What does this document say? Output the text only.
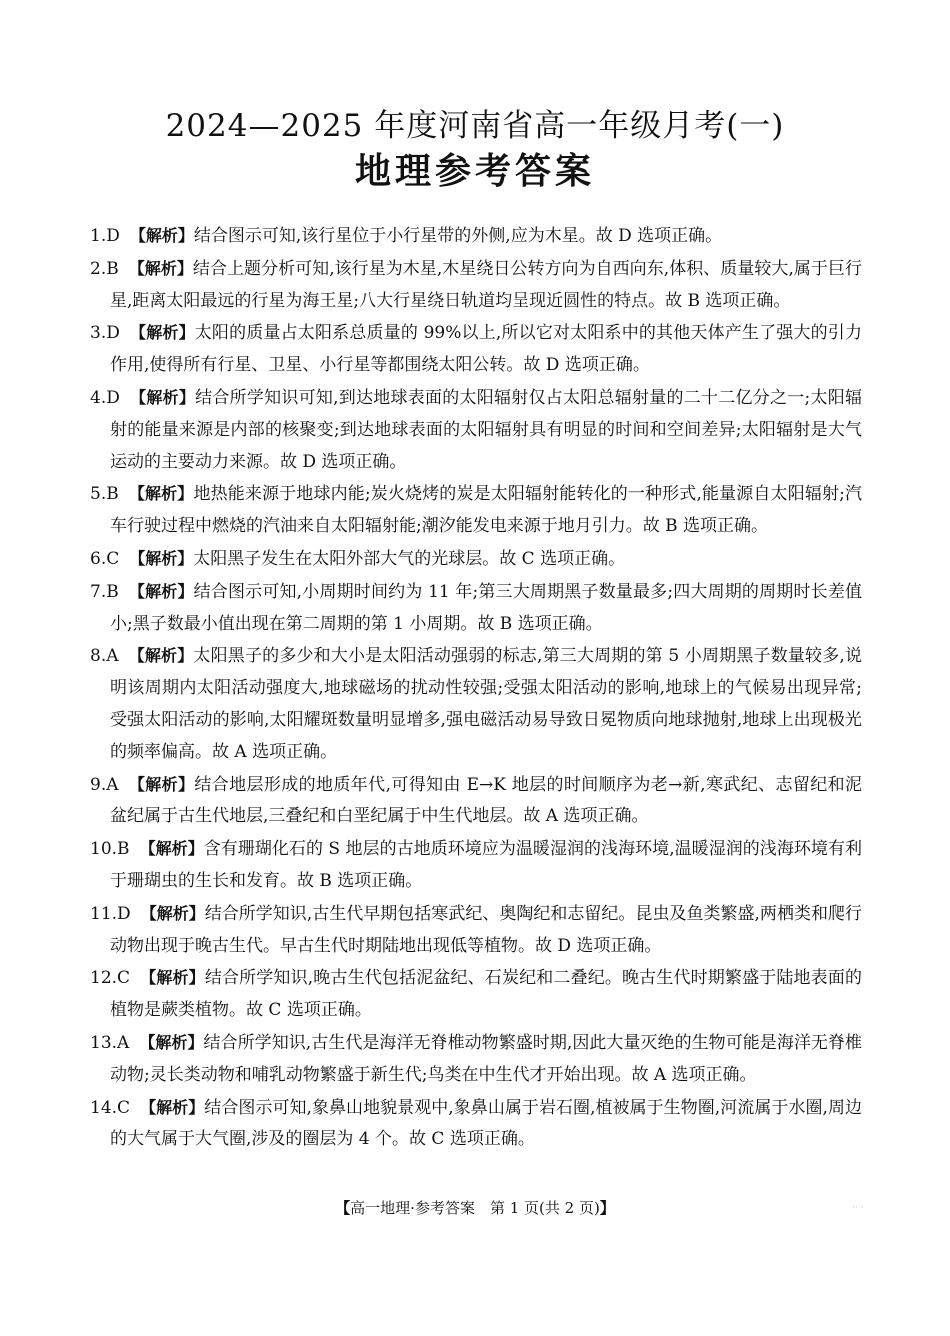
2024—2025 年度河南省高一年级月考(一)
地理参考答案

1.D 【解析】结合图示可知,该行星位于小行星带的外侧,应为木星。故 D 选项正确。

2.B 【解析】结合上题分析可知,该行星为木星,木星绕日公转方向为自西向东,体积、质量较大,属于巨行星,距离太阳最远的行星为海王星;八大行星绕日轨道均呈现近圆性的特点。故 B 选项正确。

3.D 【解析】太阳的质量占太阳系总质量的 99%以上,所以它对太阳系中的其他天体产生了强大的引力作用,使得所有行星、卫星、小行星等都围绕太阳公转。故 D 选项正确。

4.D 【解析】结合所学知识可知,到达地球表面的太阳辐射仅占太阳总辐射量的二十二亿分之一;太阳辐射的能量来源是内部的核聚变;到达地球表面的太阳辐射具有明显的时间和空间差异;太阳辐射是大气运动的主要动力来源。故 D 选项正确。

5.B 【解析】地热能来源于地球内能;炭火烧烤的炭是太阳辐射能转化的一种形式,能量源自太阳辐射;汽车行驶过程中燃烧的汽油来自太阳辐射能;潮汐能发电来源于地月引力。故 B 选项正确。

6.C 【解析】太阳黑子发生在太阳外部大气的光球层。故 C 选项正确。

7.B 【解析】结合图示可知,小周期时间约为 11 年;第三大周期黑子数量最多;四大周期的周期时长差值小;黑子数最小值出现在第二周期的第 1 小周期。故 B 选项正确。

8.A 【解析】太阳黑子的多少和大小是太阳活动强弱的标志,第三大周期的第 5 小周期黑子数量较多,说明该周期内太阳活动强度大,地球磁场的扰动性较强;受强太阳活动的影响,地球上的气候易出现异常;受强太阳活动的影响,太阳耀斑数量明显增多,强电磁活动易导致日冕物质向地球抛射,地球上出现极光的频率偏高。故 A 选项正确。

9.A 【解析】结合地层形成的地质年代,可得知由 E→K 地层的时间顺序为老→新,寒武纪、志留纪和泥盆纪属于古生代地层,三叠纪和白垩纪属于中生代地层。故 A 选项正确。

10.B 【解析】含有珊瑚化石的 S 地层的古地质环境应为温暖湿润的浅海环境,温暖湿润的浅海环境有利于珊瑚虫的生长和发育。故 B 选项正确。

11.D 【解析】结合所学知识,古生代早期包括寒武纪、奥陶纪和志留纪。昆虫及鱼类繁盛,两栖类和爬行动物出现于晚古生代。早古生代时期陆地出现低等植物。故 D 选项正确。

12.C 【解析】结合所学知识,晚古生代包括泥盆纪、石炭纪和二叠纪。晚古生代时期繁盛于陆地表面的植物是蕨类植物。故 C 选项正确。

13.A 【解析】结合所学知识,古生代是海洋无脊椎动物繁盛时期,因此大量灭绝的生物可能是海洋无脊椎动物;灵长类动物和哺乳动物繁盛于新生代;鸟类在中生代才开始出现。故 A 选项正确。

14.C 【解析】结合图示可知,象鼻山地貌景观中,象鼻山属于岩石圈,植被属于生物圈,河流属于水圈,周边的大气属于大气圈,涉及的圈层为 4 个。故 C 选项正确。

【高一地理·参考答案　第 1 页(共 2 页)】	·· ·
